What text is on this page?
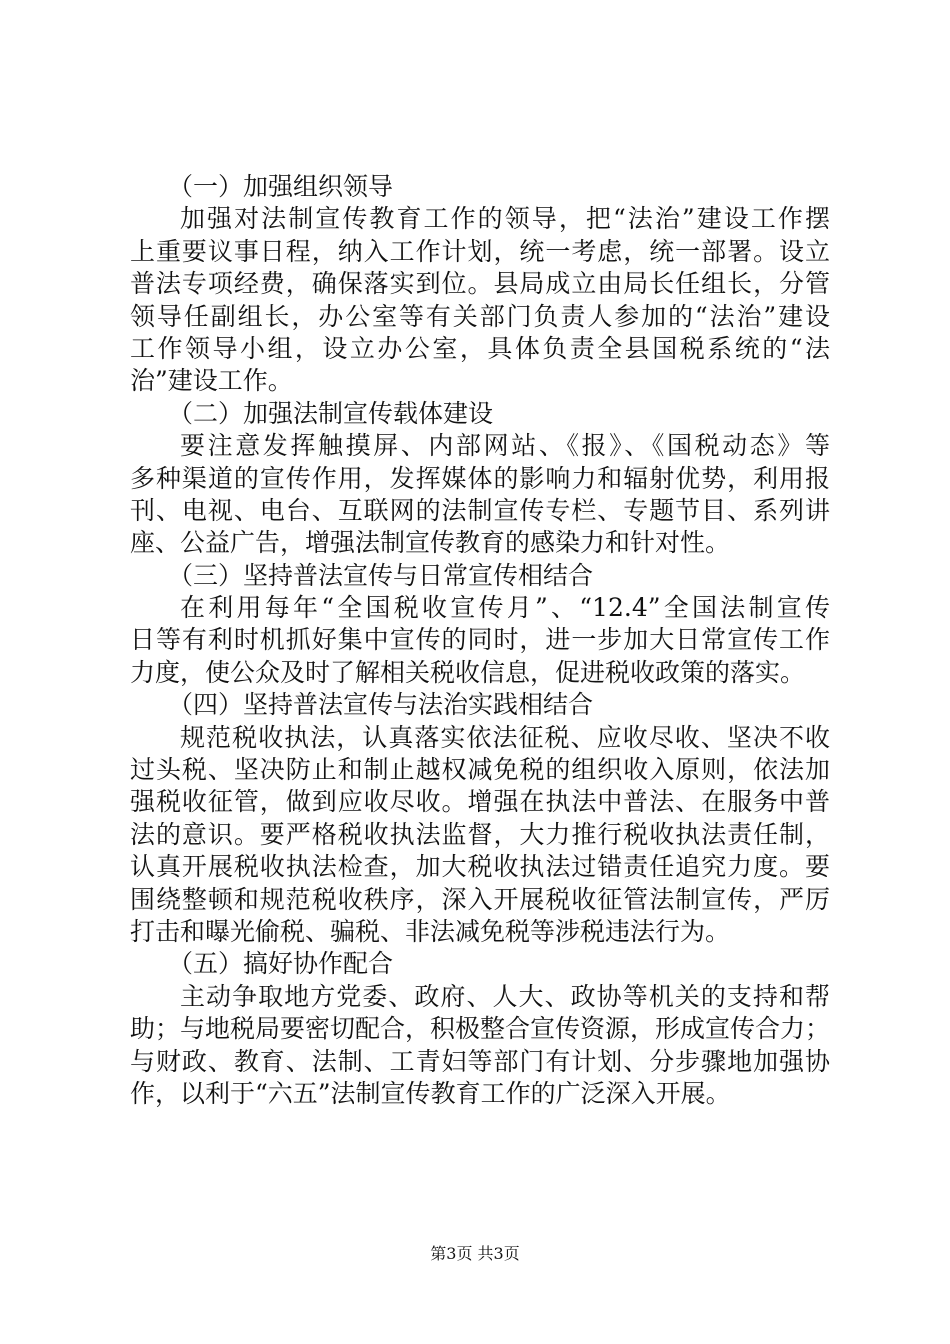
（一）加强组织领导
加强对法制宣传教育工作的领导，把“法治”建设工作摆
上重要议事日程，纳入工作计划，统一考虑，统一部署。设立
普法专项经费，确保落实到位。县局成立由局长任组长，分管
领导任副组长，办公室等有关部门负责人参加的“法治”建设
工作领导小组，设立办公室，具体负责全县国税系统的“法
治”建设工作。
（二）加强法制宣传载体建设
要注意发挥触摸屏、内部网站、《报》、《国税动态》等
多种渠道的宣传作用，发挥媒体的影响力和辐射优势，利用报
刊、电视、电台、互联网的法制宣传专栏、专题节目、系列讲
座、公益广告，增强法制宣传教育的感染力和针对性。
（三）坚持普法宣传与日常宣传相结合
在利用每年“全国税收宣传月”、“12.4”全国法制宣传
日等有利时机抓好集中宣传的同时，进一步加大日常宣传工作
力度，使公众及时了解相关税收信息，促进税收政策的落实。
（四）坚持普法宣传与法治实践相结合
规范税收执法，认真落实依法征税、应收尽收、坚决不收
过头税、坚决防止和制止越权减免税的组织收入原则，依法加
强税收征管，做到应收尽收。增强在执法中普法、在服务中普
法的意识。要严格税收执法监督，大力推行税收执法责任制，
认真开展税收执法检查，加大税收执法过错责任追究力度。要
围绕整顿和规范税收秩序，深入开展税收征管法制宣传，严厉
打击和曝光偷税、骗税、非法减免税等涉税违法行为。
（五）搞好协作配合
主动争取地方党委、政府、人大、政协等机关的支持和帮
助；与地税局要密切配合，积极整合宣传资源，形成宣传合力；
与财政、教育、法制、工青妇等部门有计划、分步骤地加强协
作，以利于“六五”法制宣传教育工作的广泛深入开展。
第3页 共3页
